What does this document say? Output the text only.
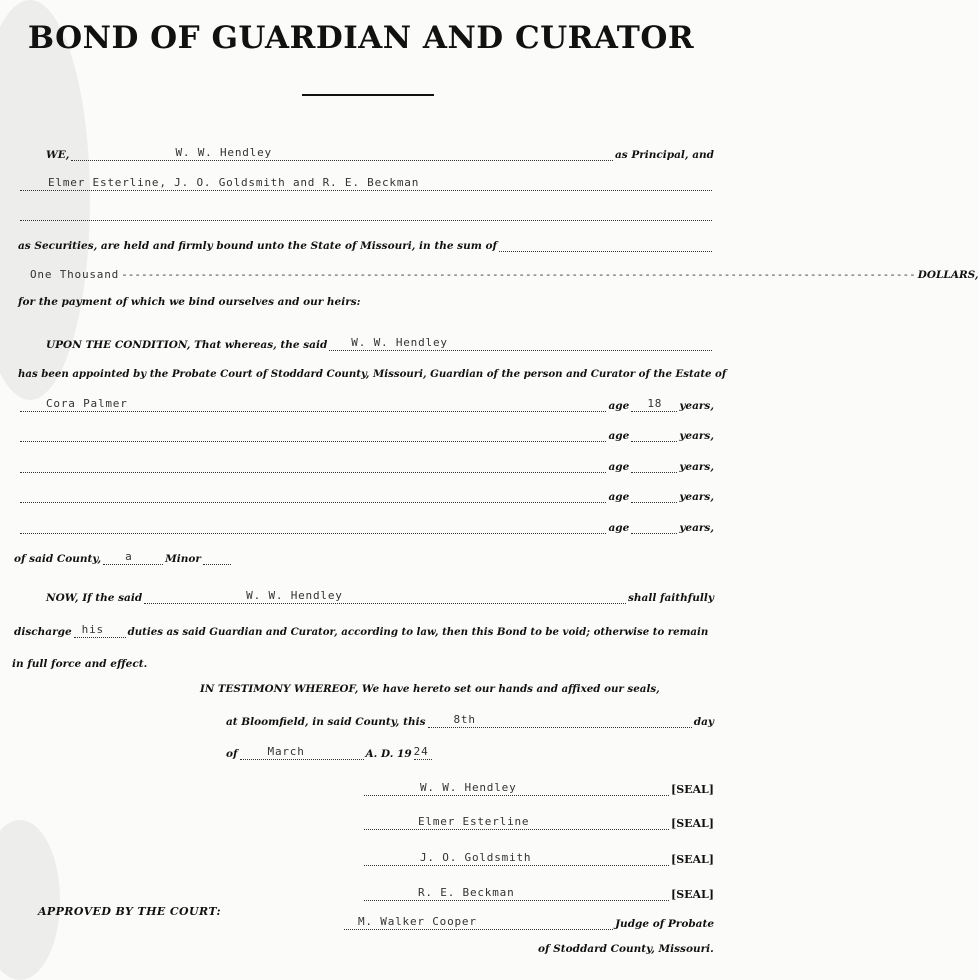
BOND OF GUARDIAN AND CURATOR
WE,	W. W. Hendley	as Principal, and
Elmer Esterline, J. O. Goldsmith and R. E. Beckman
as Securities, are held and firmly bound unto the State of Missouri, in the sum of
One Thousand ------------------------------------------------------------------------------------------------------------------------ DOLLARS,
for the payment of which we bind ourselves and our heirs:
UPON THE CONDITION, That whereas, the said W. W. Hendley
has been appointed by the Probate Court of Stoddard County, Missouri, Guardian of the person and Curator of the Estate of
Cora Palmer	age 18 years,
age	years,
age	years,
age	years,
age	years,
of said County, a	Minor
NOW, If the said	W. W. Hendley	shall faithfully
discharge his duties as said Guardian and Curator, according to law, then this Bond to be void; otherwise to remain
in full force and effect.
IN TESTIMONY WHEREOF, We have hereto set our hands and affixed our seals,
at Bloomfield, in said County, this	8th	day
of	March	A. D. 19 24
W. W. Hendley	[SEAL]
Elmer Esterline	[SEAL]
J. O. Goldsmith	[SEAL]
R. E. Beckman	[SEAL]
APPROVED BY THE COURT:
M. Walker Cooper	Judge of Probate
of Stoddard County, Missouri.
